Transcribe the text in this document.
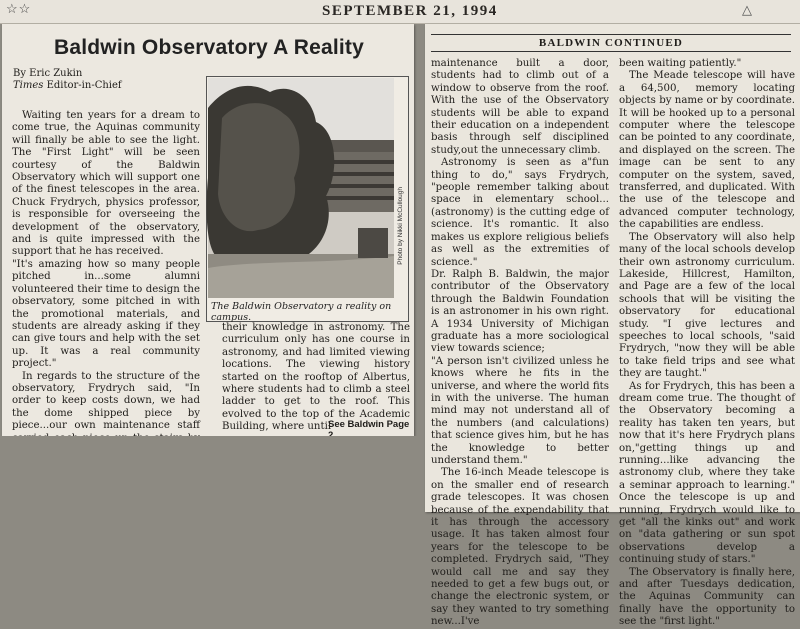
☆☆	SEPTEMBER 21, 1994	△
Baldwin Observatory A Reality
By Eric Zukin
Times Editor-in-Chief

Waiting ten years for a dream to come true, the Aquinas community will finally be able to see the light. The "First Light" will be seen courtesy of the Baldwin Observatory which will support one of the finest telescopes in the area. Chuck Frydrych, physics professor, is responsible for overseeing the development of the observatory, and is quite impressed with the support that he has received.

"It's amazing how so many people pitched in...some alumni volunteered their time to design the observatory, some pitched in with the promotional materials, and students are already asking if they can give tours and help with the set up. It was a real community project."

In regards to the structure of the observatory, Frydrych said, "In order to keep costs down, we had the dome shipped piece by piece...our own maintenance staff

Photo by Nikki McCullough
The Baldwin Observatory a reality on campus.

their knowledge in astronomy. The curriculum only has one course in astronomy, and had limited viewing locations. The viewing history started on the rooftop of Albertus, where students had to climb a steel ladder to get to the roof. This evolved to the top of the Academic Building, where until

See Baldwin Page
BALDWIN CONTINUED

maintenance built a door, students had to climb out of a window to observe from the roof. With the use of the Observatory students will be able to expand their education on a independent basis through self disciplined study,out the unnecessary climb.

Astronomy is seen as a"fun thing to do," says Frydrych, "people remember talking about space in elementary school...(astronomy) is the cutting edge of science. It's romantic. It also makes us explore religious beliefs as well as the extremities of science."

Dr. Ralph B. Baldwin, the major contributor of the Observatory through the Baldwin Foundation is an astronomer in his own right. A 1934 University of Michigan graduate has a more sociological view towards science;

"A person isn't civilized unless he knows where he fits in the universe, and where the world fits in with the universe. The human mind may not understand all of the numbers (and calculations) that science gives him, but he has the knowledge to better understand them."

The 16-inch Meade telescope is on the smaller end of research grade telescopes. It was chosen because of the expendability that it has through the accessory usage. It has taken almost four years for the telescope to be completed. Frydrych said, "They would call me and say they needed to get a few bugs out, or change the electronic system, or say they wanted to try something new...I've

been waiting patiently."

The Meade telescope will have a 64,500, memory locating objects by name or by coordinate. It will be hooked up to a personal computer where the telescope can be pointed to any coordinate, and displayed on the screen. The image can be sent to any computer on the system, saved, transferred, and duplicated. With the use of the telescope and advanced computer technology, the capabilities are endless.

The Observatory will also help many of the local schools develop their own astronomy curriculum. Lakeside, Hillcrest, Hamilton, and Page are a few of the local schools that will be visiting the observatory for educational study. "I give lectures and speeches to local schools, "said Frydrych, "now they will be able to take field trips and see what they are taught."

As for Frydrych, this has been a dream come true. The thought of the Observatory becoming a reality has taken ten years, but now that it's here Frydrych plans on,"getting things up and running...like advancing the astronomy club, where they take a seminar approach to learning." Once the telescope is up and running, Frydrych would like to get "all the kinks out" and work on "data gathering or sun spot observations develop a continuing study of stars."

The Observatory is finally here, and after Tuesdays dedication, the Aquinas Community can finally have the opportunity to see the "first light."
